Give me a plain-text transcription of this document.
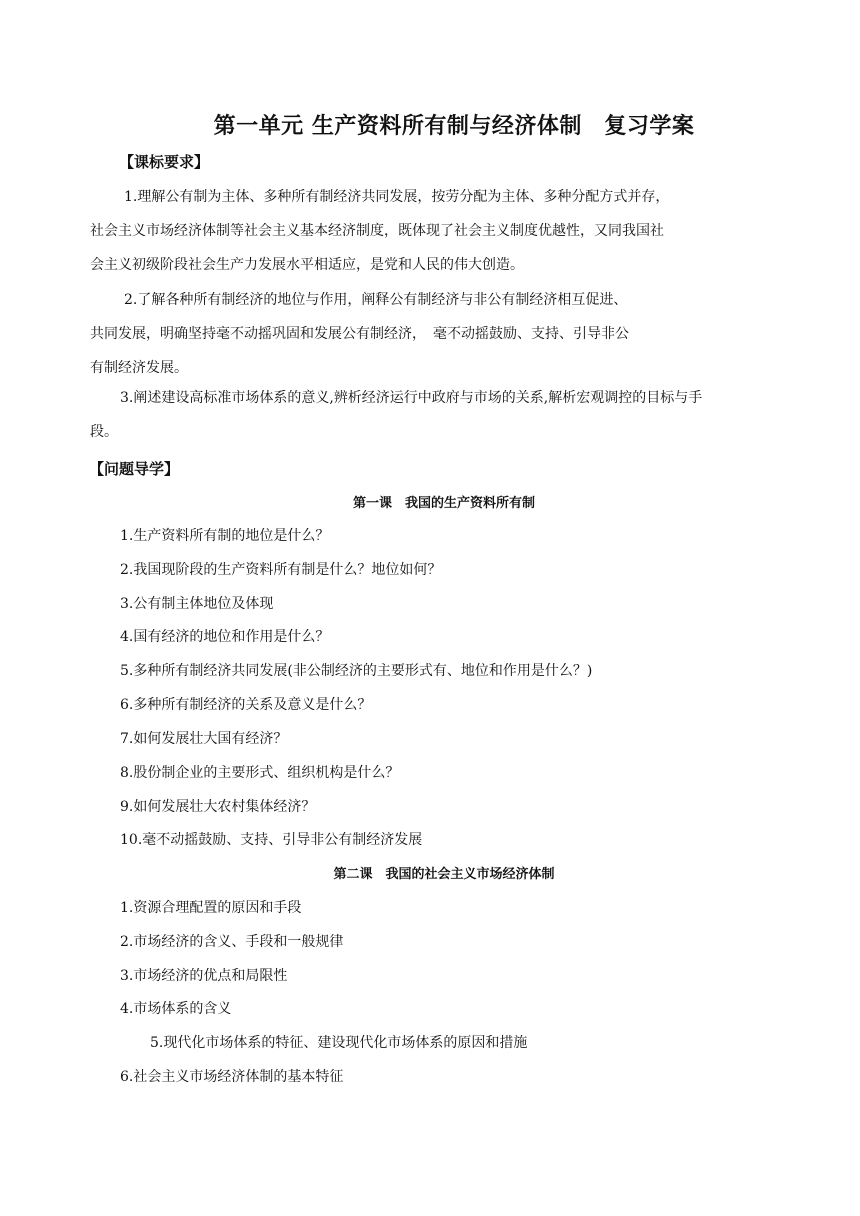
第一单元 生产资料所有制与经济体制　复习学案
【课标要求】

1.理解公有制为主体、多种所有制经济共同发展，按劳分配为主体、多种分配方式并存，

社会主义市场经济体制等社会主义基本经济制度，既体现了社会主义制度优越性，又同我国社

会主义初级阶段社会生产力发展水平相适应，是党和人民的伟大创造。

2.了解各种所有制经济的地位与作用，阐释公有制经济与非公有制经济相互促进、

共同发展，明确坚持毫不动摇巩固和发展公有制经济，　毫不动摇鼓励、支持、引导非公

有制经济发展。

3.阐述建设高标准市场体系的意义,辨析经济运行中政府与市场的关系,解析宏观调控的目标与手

段。

【问题导学】
第一课　我国的生产资料所有制
1.生产资料所有制的地位是什么？
2.我国现阶段的生产资料所有制是什么？地位如何？
3.公有制主体地位及体现
4.国有经济的地位和作用是什么？
5.多种所有制经济共同发展(非公制经济的主要形式有、地位和作用是什么？)
6.多种所有制经济的关系及意义是什么？
7.如何发展壮大国有经济？
8.股份制企业的主要形式、组织机构是什么？
9.如何发展壮大农村集体经济？
10.毫不动摇鼓励、支持、引导非公有制经济发展
第二课　我国的社会主义市场经济体制
1.资源合理配置的原因和手段
2.市场经济的含义、手段和一般规律
3.市场经济的优点和局限性
4.市场体系的含义
5.现代化市场体系的特征、建设现代化市场体系的原因和措施
6.社会主义市场经济体制的基本特征
